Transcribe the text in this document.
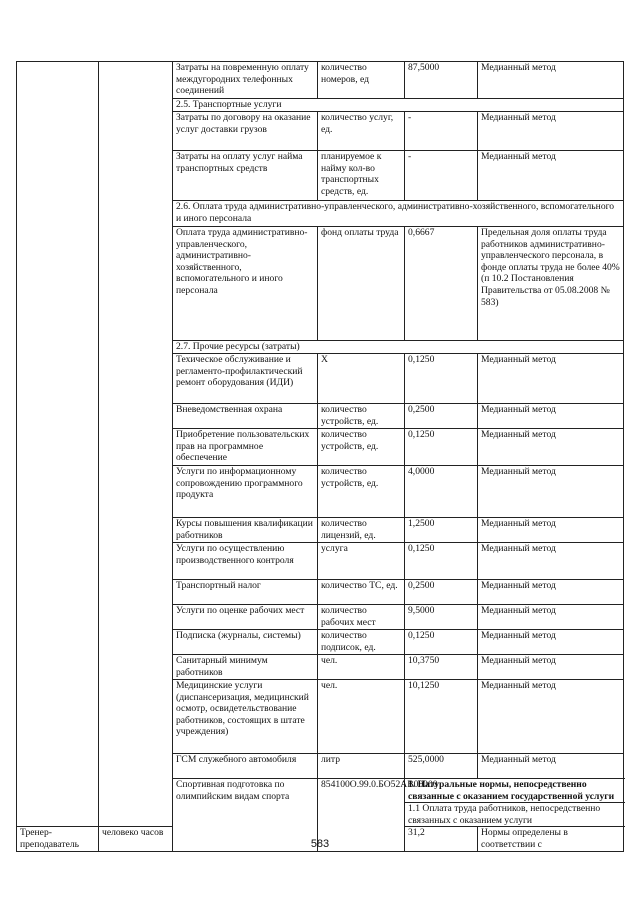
		Затраты на повременную оплату междугородних телефонных соединений	количество номеров, ед	87,5000	Медианный метод
		2.5. Транспортные услуги			
		Затраты по договору на оказание услуг доставки грузов	количество услуг, ед.	-	Медианный метод
		Затраты на оплату услуг найма транспортных средств	планируемое к найму кол-во транспортных средств, ед.	-	Медианный метод
		2.6. Оплата труда административно-управленческого, административно-хозяйственного, вспомогательного и иного персонала			
		Оплата труда административно-управленческого, административно-хозяйственного, вспомогательного и иного персонала	фонд оплаты труда	0,6667	Предельная доля оплаты труда работников административно-управленческого персонала, в фонде оплаты труда не более 40% (п 10.2 Постановления Правительства от 05.08.2008 № 583)
		2.7. Прочие ресурсы (затраты)			
		Техическое обслуживание и регламенто-профилактический ремонт оборудования (ИДИ)	Х	0,1250	Медианный метод
		Вневедомственная охрана	количество устройств, ед.	0,2500	Медианный метод
		Приобретение пользовательских прав на программное обеспечение	количество устройств, ед.	0,1250	Медианный метод
		Услуги по информационному сопровождению программного продукта	количество устройств, ед.	4,0000	Медианный метод
		Курсы повышения квалификации работников	количество лицензий, ед.	1,2500	Медианный метод
		Услуги по осуществлению производственного контроля	услуга	0,1250	Медианный метод
		Транспортный налог	количество ТС, ед.	0,2500	Медианный метод
		Услуги по оценке рабочих мест	количество рабочих мест	9,5000	Медианный метод
		Подписка (журналы, системы)	количество подписок, ед.	0,1250	Медианный метод
		Санитарный минимум работников	чел.	10,3750	Медианный метод
		Медицинские услуги (диспансеризация, медицинский осмотр, освидетельствование работников, состоящих в штате учреждения)	чел.	10,1250	Медианный метод
		ГСМ служебного автомобиля	литр	525,0000	Медианный метод
		Спортивная подготовка по олимпийским видам спорта	854100О.99.0.БО52АВ00000	1. Натуральные нормы, непосредственно связанные с оказанием государственной услуги	
				1.1 Оплата труда работников, непосредственно связанных с оказанием услуги	
Тренер-преподаватель	человеко часов			31,2	Нормы определены в соответствии с
583
